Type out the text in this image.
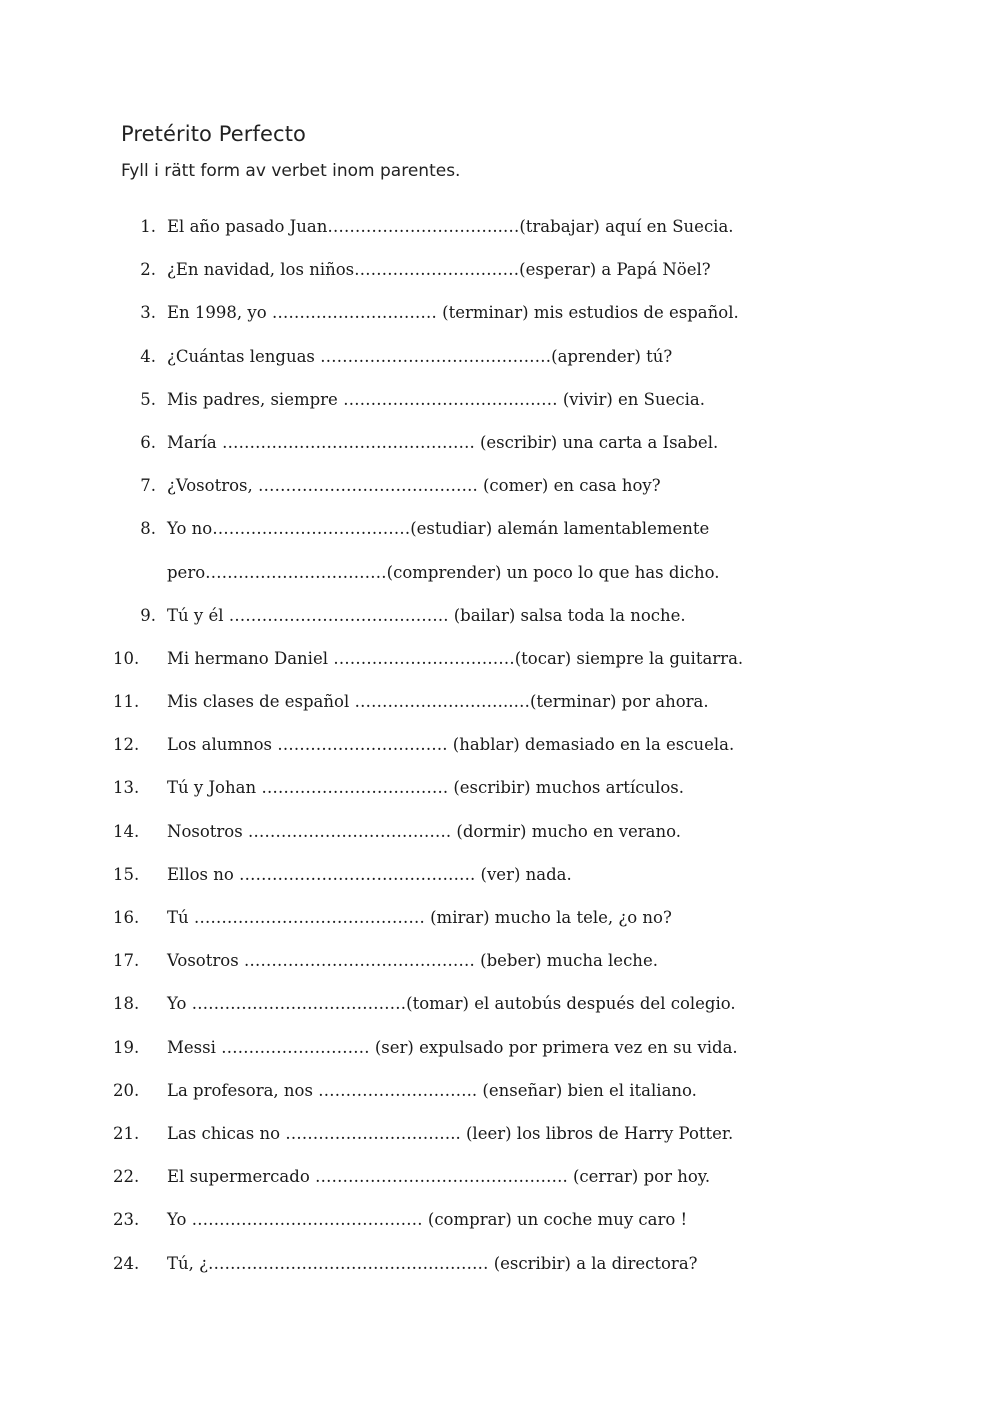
Pretérito Perfecto

Fyll i rätt form av verbet inom parentes.

1. El año pasado Juan…………………………..…(trabajar) aquí en Suecia.
2. ¿En navidad, los niños…………………………(esperar) a Papá Nöel?
3. En 1998, yo ………………………… (terminar) mis estudios de español.
4. ¿Cuántas lenguas ……………………………………(aprender) tú?
5. Mis padres, siempre ………………………………… (vivir) en Suecia.
6. María ………………………………………. (escribir) una carta a Isabel.
7. ¿Vosotros, …………………………………. (comer) en casa hoy?
8. Yo no………………………………(estudiar) alemán lamentablemente
pero……………………………(comprender) un poco lo que has dicho.
9. Tú y él …………………………………. (bailar) salsa toda la noche.
10.	Mi hermano Daniel ……………………………(tocar) siempre la guitarra.
11.	Mis clases de español ………………………..…(terminar) por ahora.
12.	Los alumnos …………………………. (hablar) demasiado en la escuela.
13.	Tú y Johan ……………………………. (escribir) muchos artículos.
14.	Nosotros ………………………………. (dormir) mucho en verano.
15.	Ellos no ……………………………………. (ver) nada.
16.	Tú …………………………………… (mirar) mucho la tele, ¿o no?
17.	Vosotros …………………………………… (beber) mucha leche.
18.	Yo …………………………………(tomar) el autobús después del colegio.
19.	Messi ……………………… (ser) expulsado por primera vez en su vida.
20.	La profesora, nos ……………………….. (enseñar) bien el italiano.
21.	Las chicas no ………………………….. (leer) los libros de Harry Potter.
22.	El supermercado ………………………………………. (cerrar) por hoy.
23.	Yo …………………………………… (comprar) un coche muy caro !
24.	Tú, ¿…………………………………………… (escribir) a la directora?
